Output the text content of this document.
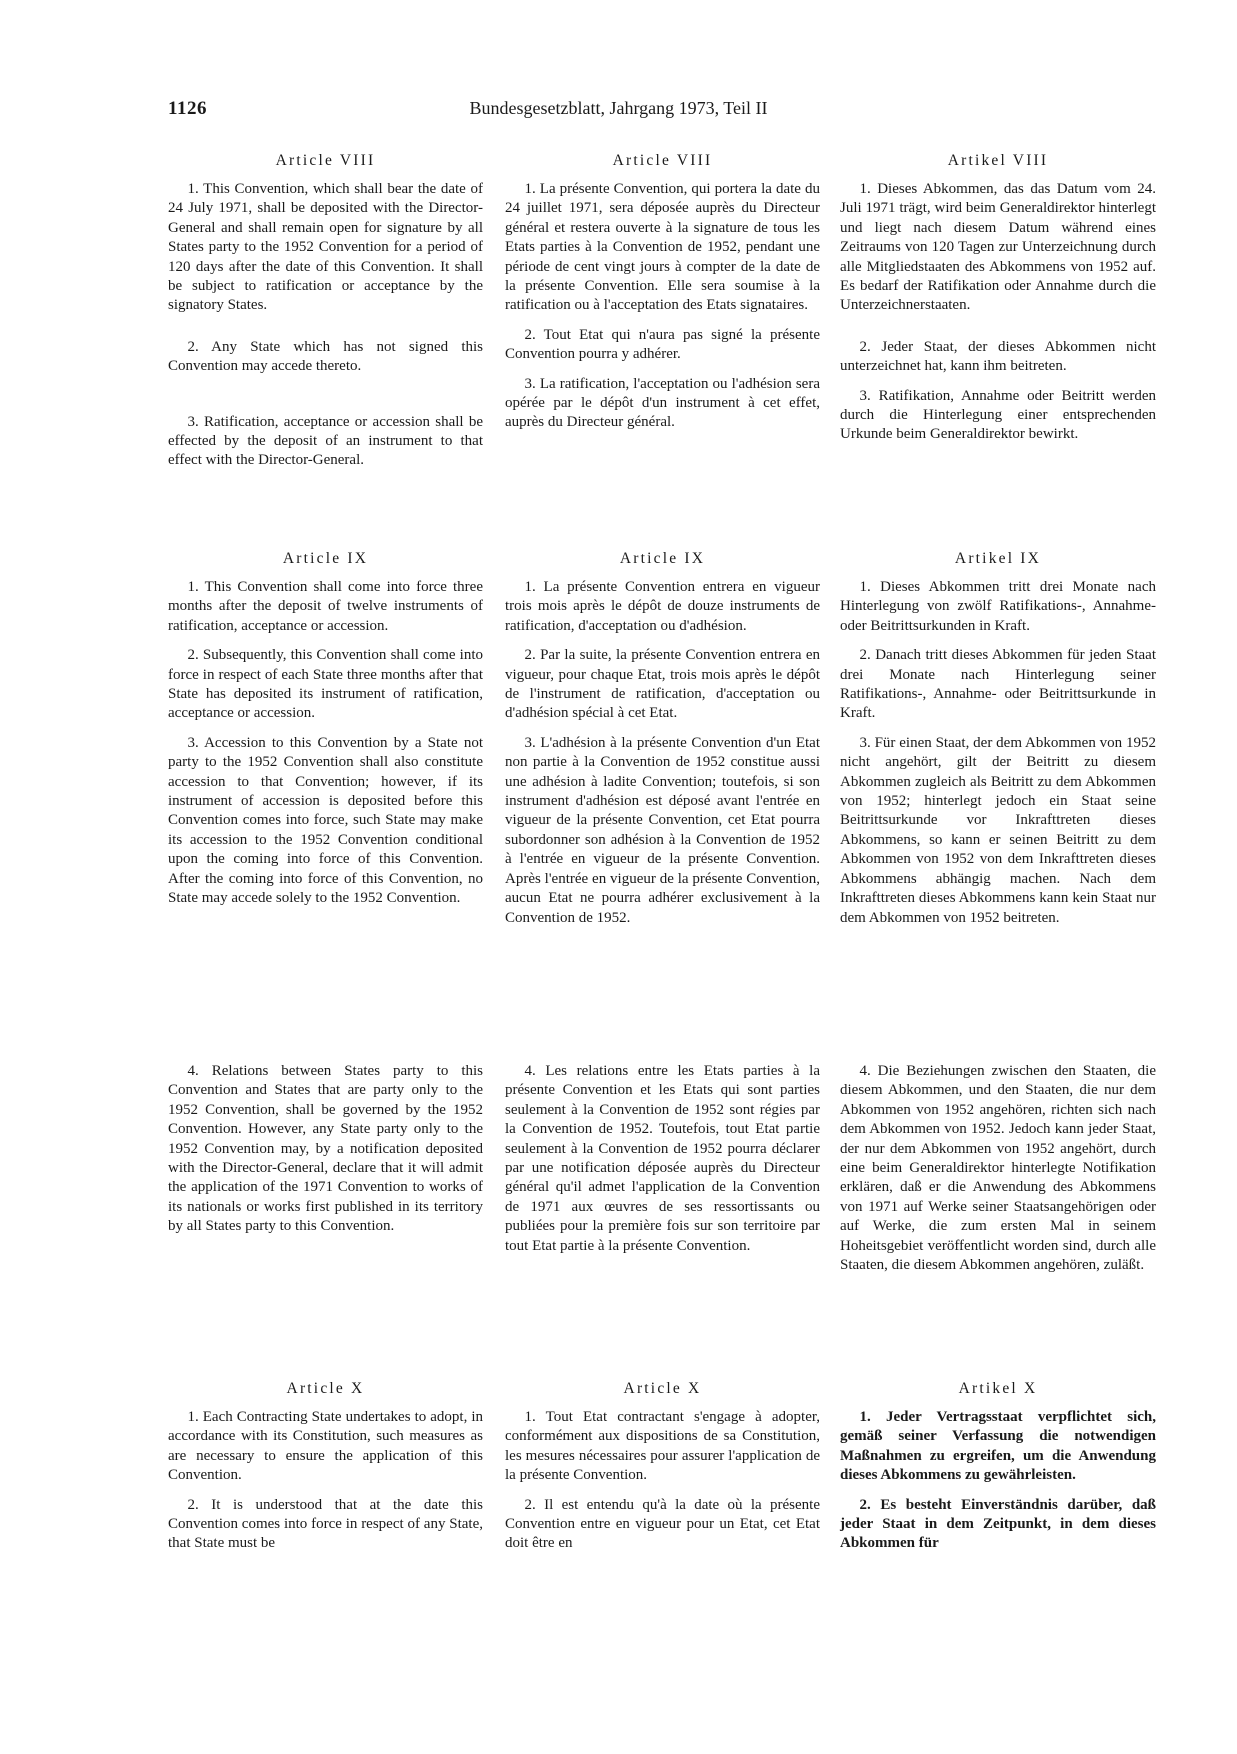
1126	Bundesgesetzblatt, Jahrgang 1973, Teil II
Article VIII
1. This Convention, which shall bear the date of 24 July 1971, shall be deposited with the Director-General and shall remain open for signature by all States party to the 1952 Convention for a period of 120 days after the date of this Convention. It shall be subject to ratification or acceptance by the signatory States.
2. Any State which has not signed this Convention may accede thereto.
3. Ratification, acceptance or accession shall be effected by the deposit of an instrument to that effect with the Director-General.
Article IX
1. This Convention shall come into force three months after the deposit of twelve instruments of ratification, acceptance or accession.
2. Subsequently, this Convention shall come into force in respect of each State three months after that State has deposited its instrument of ratification, acceptance or accession.
3. Accession to this Convention by a State not party to the 1952 Convention shall also constitute accession to that Convention; however, if its instrument of accession is deposited before this Convention comes into force, such State may make its accession to the 1952 Convention conditional upon the coming into force of this Convention. After the coming into force of this Convention, no State may accede solely to the 1952 Convention.
4. Relations between States party to this Convention and States that are party only to the 1952 Convention, shall be governed by the 1952 Convention. However, any State party only to the 1952 Convention may, by a notification deposited with the Director-General, declare that it will admit the application of the 1971 Convention to works of its nationals or works first published in its territory by all States party to this Convention.
Article X
1. Each Contracting State undertakes to adopt, in accordance with its Constitution, such measures as are necessary to ensure the application of this Convention.
2. It is understood that at the date this Convention comes into force in respect of any State, that State must be
Article VIII
1. La présente Convention, qui portera la date du 24 juillet 1971, sera déposée auprès du Directeur général et restera ouverte à la signature de tous les Etats parties à la Convention de 1952, pendant une période de cent vingt jours à compter de la date de la présente Convention. Elle sera soumise à la ratification ou à l'acceptation des Etats signataires.
2. Tout Etat qui n'aura pas signé la présente Convention pourra y adhérer.
3. La ratification, l'acceptation ou l'adhésion sera opérée par le dépôt d'un instrument à cet effet, auprès du Directeur général.
Article IX
1. La présente Convention entrera en vigueur trois mois après le dépôt de douze instruments de ratification, d'acceptation ou d'adhésion.
2. Par la suite, la présente Convention entrera en vigueur, pour chaque Etat, trois mois après le dépôt de l'instrument de ratification, d'acceptation ou d'adhésion spécial à cet Etat.
3. L'adhésion à la présente Convention d'un Etat non partie à la Convention de 1952 constitue aussi une adhésion à ladite Convention; toutefois, si son instrument d'adhésion est déposé avant l'entrée en vigueur de la présente Convention, cet Etat pourra subordonner son adhésion à la Convention de 1952 à l'entrée en vigueur de la présente Convention. Après l'entrée en vigueur de la présente Convention, aucun Etat ne pourra adhérer exclusivement à la Convention de 1952.
4. Les relations entre les Etats parties à la présente Convention et les Etats qui sont parties seulement à la Convention de 1952 sont régies par la Convention de 1952. Toutefois, tout Etat partie seulement à la Convention de 1952 pourra déclarer par une notification déposée auprès du Directeur général qu'il admet l'application de la Convention de 1971 aux œuvres de ses ressortissants ou publiées pour la première fois sur son territoire par tout Etat partie à la présente Convention.
Article X
1. Tout Etat contractant s'engage à adopter, conformément aux dispositions de sa Constitution, les mesures nécessaires pour assurer l'application de la présente Convention.
2. Il est entendu qu'à la date où la présente Convention entre en vigueur pour un Etat, cet Etat doit être en
Artikel VIII
1. Dieses Abkommen, das das Datum vom 24. Juli 1971 trägt, wird beim Generaldirektor hinterlegt und liegt nach diesem Datum während eines Zeitraums von 120 Tagen zur Unterzeichnung durch alle Mitgliedstaaten des Abkommens von 1952 auf. Es bedarf der Ratifikation oder Annahme durch die Unterzeichnerstaaten.
2. Jeder Staat, der dieses Abkommen nicht unterzeichnet hat, kann ihm beitreten.
3. Ratifikation, Annahme oder Beitritt werden durch die Hinterlegung einer entsprechenden Urkunde beim Generaldirektor bewirkt.
Artikel IX
1. Dieses Abkommen tritt drei Monate nach Hinterlegung von zwölf Ratifikations-, Annahme- oder Beitrittsurkunden in Kraft.
2. Danach tritt dieses Abkommen für jeden Staat drei Monate nach Hinterlegung seiner Ratifikations-, Annahme- oder Beitrittsurkunde in Kraft.
3. Für einen Staat, der dem Abkommen von 1952 nicht angehört, gilt der Beitritt zu diesem Abkommen zugleich als Beitritt zu dem Abkommen von 1952; hinterlegt jedoch ein Staat seine Beitrittsurkunde vor Inkrafttreten dieses Abkommens, so kann er seinen Beitritt zu dem Abkommen von 1952 von dem Inkrafttreten dieses Abkommens abhängig machen. Nach dem Inkrafttreten dieses Abkommens kann kein Staat nur dem Abkommen von 1952 beitreten.
4. Die Beziehungen zwischen den Staaten, die diesem Abkommen, und den Staaten, die nur dem Abkommen von 1952 angehören, richten sich nach dem Abkommen von 1952. Jedoch kann jeder Staat, der nur dem Abkommen von 1952 angehört, durch eine beim Generaldirektor hinterlegte Notifikation erklären, daß er die Anwendung des Abkommens von 1971 auf Werke seiner Staatsangehörigen oder auf Werke, die zum ersten Mal in seinem Hoheitsgebiet veröffentlicht worden sind, durch alle Staaten, die diesem Abkommen angehören, zuläßt.
Artikel X
1. Jeder Vertragsstaat verpflichtet sich, gemäß seiner Verfassung die notwendigen Maßnahmen zu ergreifen, um die Anwendung dieses Abkommens zu gewährleisten.
2. Es besteht Einverständnis darüber, daß jeder Staat in dem Zeitpunkt, in dem dieses Abkommen für
